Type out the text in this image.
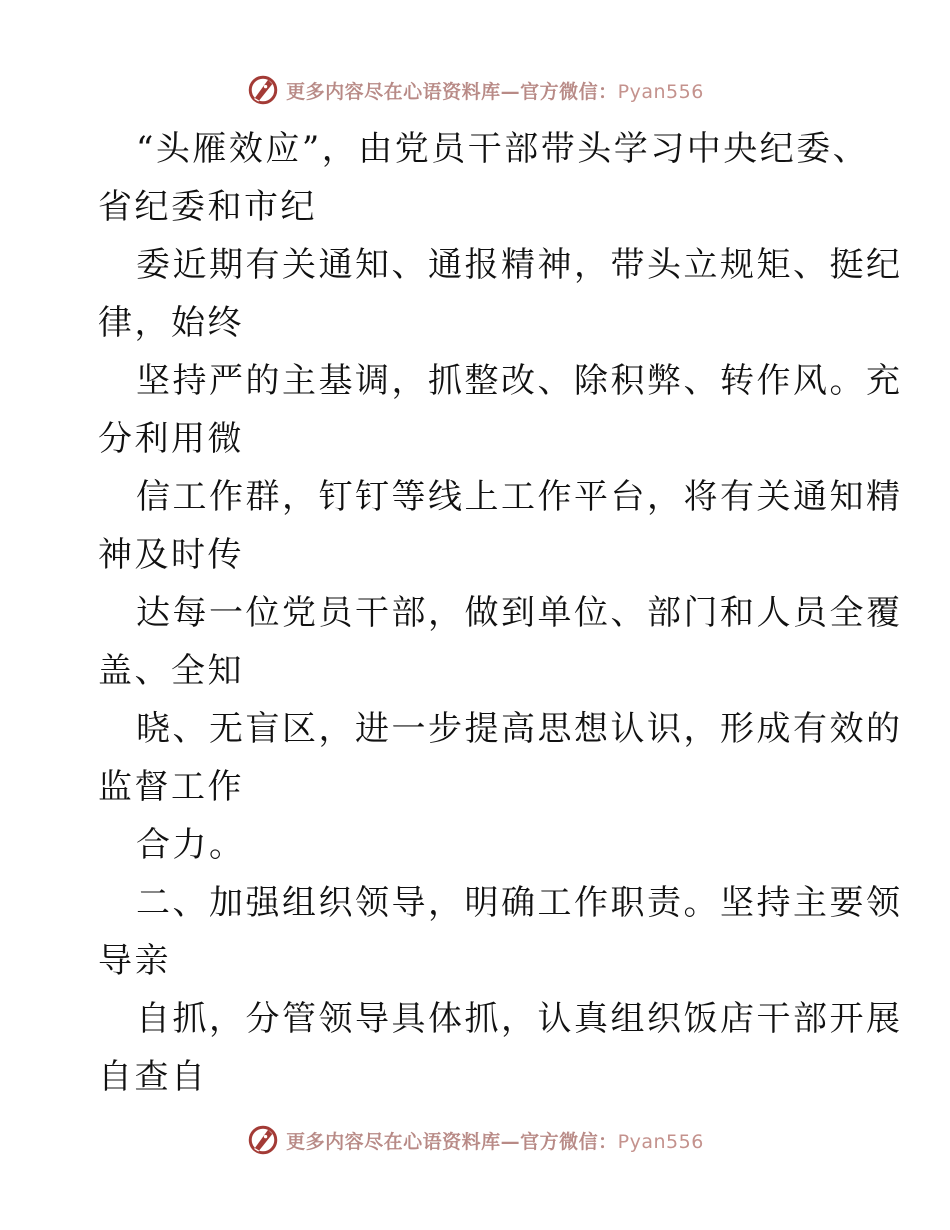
更多内容尽在心语资料库—官方微信：Pyan556
“头雁效应”，由党员干部带头学习中央纪委、
省纪委和市纪
委近期有关通知、通报精神，带头立规矩、挺纪
律，始终
坚持严的主基调，抓整改、除积弊、转作风。充
分利用微
信工作群，钉钉等线上工作平台，将有关通知精
神及时传
达每一位党员干部，做到单位、部门和人员全覆
盖、全知
晓、无盲区，进一步提高思想认识，形成有效的
监督工作
合力。
二、加强组织领导，明确工作职责。坚持主要领
导亲
自抓，分管领导具体抓，认真组织饭店干部开展
自查自
更多内容尽在心语资料库—官方微信：Pyan556
